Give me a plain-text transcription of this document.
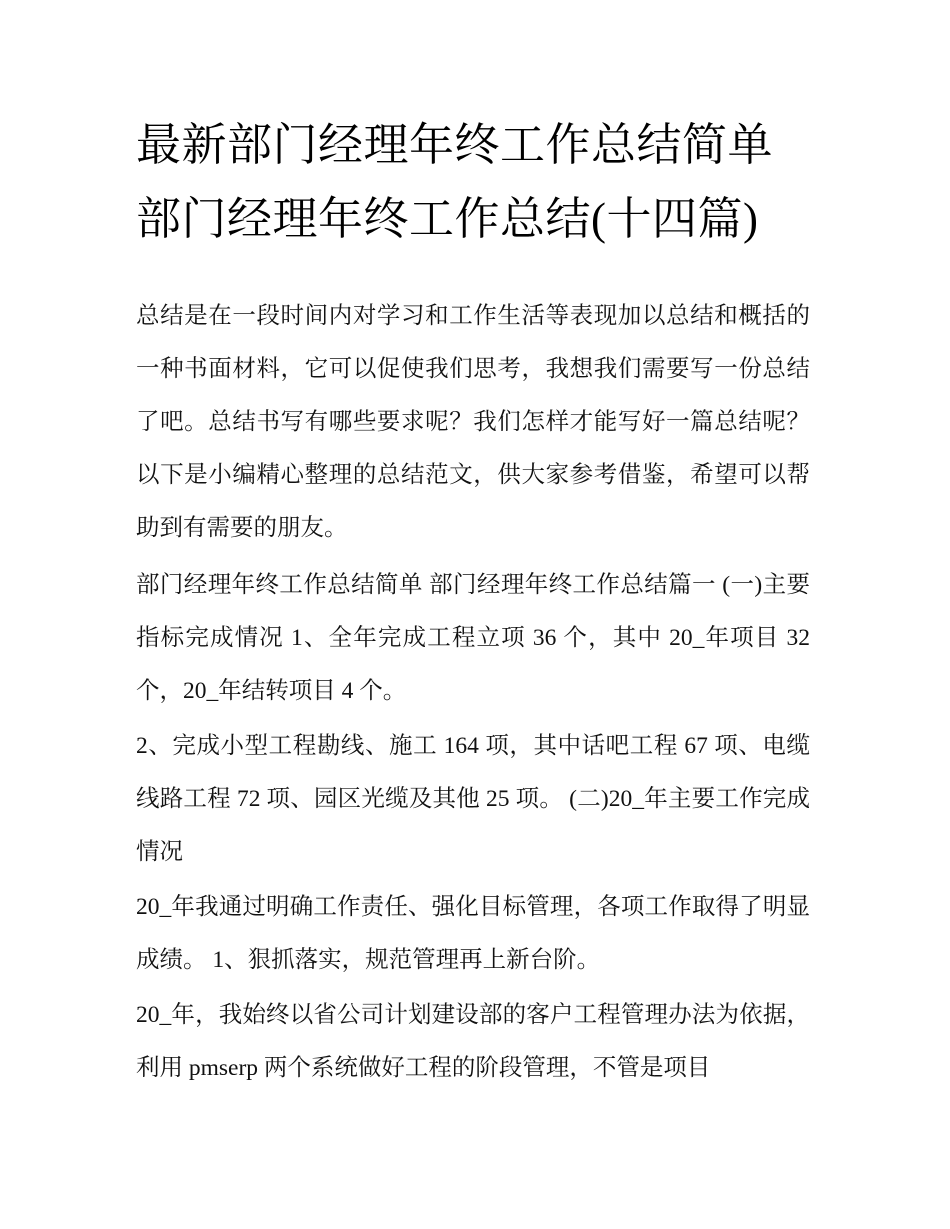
最新部门经理年终工作总结简单 部门经理年终工作总结(十四篇)

总结是在一段时间内对学习和工作生活等表现加以总结和概括的一种书面材料，它可以促使我们思考，我想我们需要写一份总结了吧。总结书写有哪些要求呢？我们怎样才能写好一篇总结呢？以下是小编精心整理的总结范文，供大家参考借鉴，希望可以帮助到有需要的朋友。

部门经理年终工作总结简单 部门经理年终工作总结篇一 (一)主要指标完成情况 1、全年完成工程立项 36 个，其中 20_年项目 32 个，20_年结转项目 4 个。

2、完成小型工程勘线、施工 164 项，其中话吧工程 67 项、电缆线路工程 72 项、园区光缆及其他 25 项。 (二)20_年主要工作完成情况

20_年我通过明确工作责任、强化目标管理，各项工作取得了明显成绩。 1、狠抓落实，规范管理再上新台阶。

20_年，我始终以省公司计划建设部的客户工程管理办法为依据，利用 pmserp 两个系统做好工程的阶段管理，不管是项目
